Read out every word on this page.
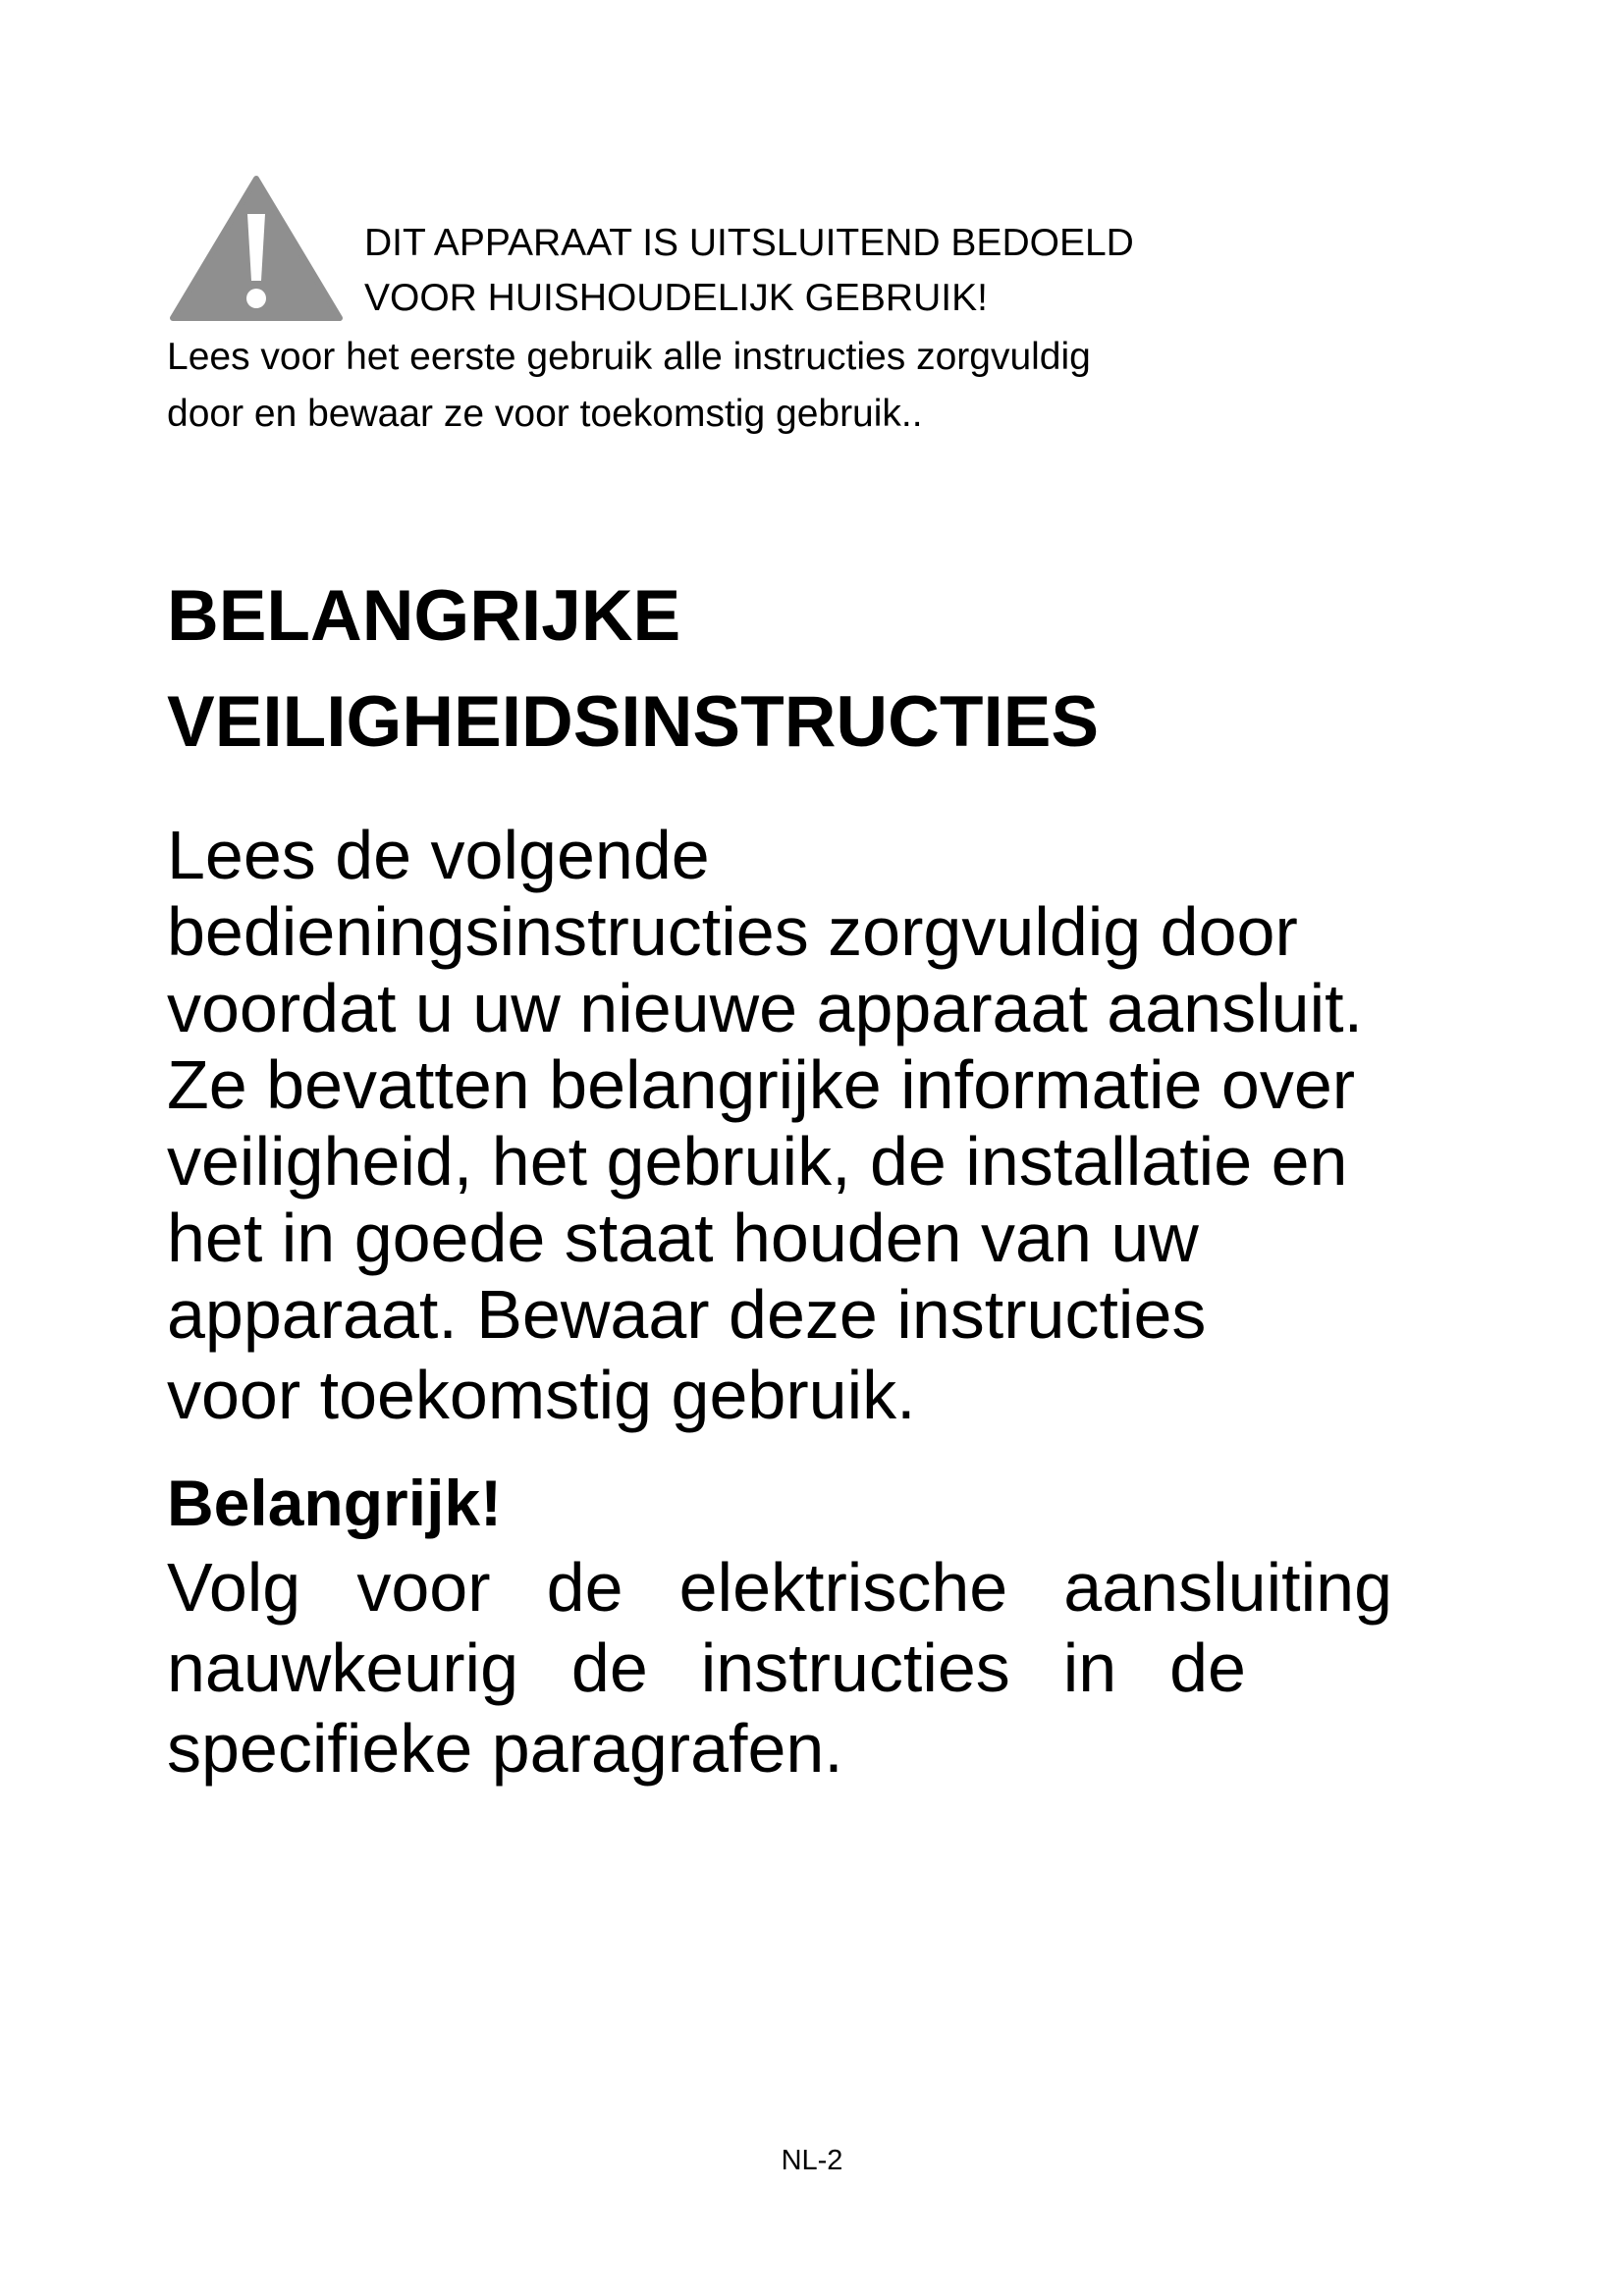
DIT APPARAAT IS UITSLUITEND BEDOELD
VOOR HUISHOUDELIJK GEBRUIK!
Lees voor het eerste gebruik alle instructies zorgvuldig
door en bewaar ze voor toekomstig gebruik..
BELANGRIJKE
VEILIGHEIDSINSTRUCTIES
Lees de volgende
bedieningsinstructies zorgvuldig door
voordat u uw nieuwe apparaat aansluit.
Ze bevatten belangrijke informatie over
veiligheid, het gebruik, de installatie en
het in goede staat houden van uw
apparaat. Bewaar deze instructies
voor toekomstig gebruik.
Belangrijk!
Volg voor de elektrische aansluiting
nauwkeurig de instructies in de
specifieke paragrafen.
NL-2
